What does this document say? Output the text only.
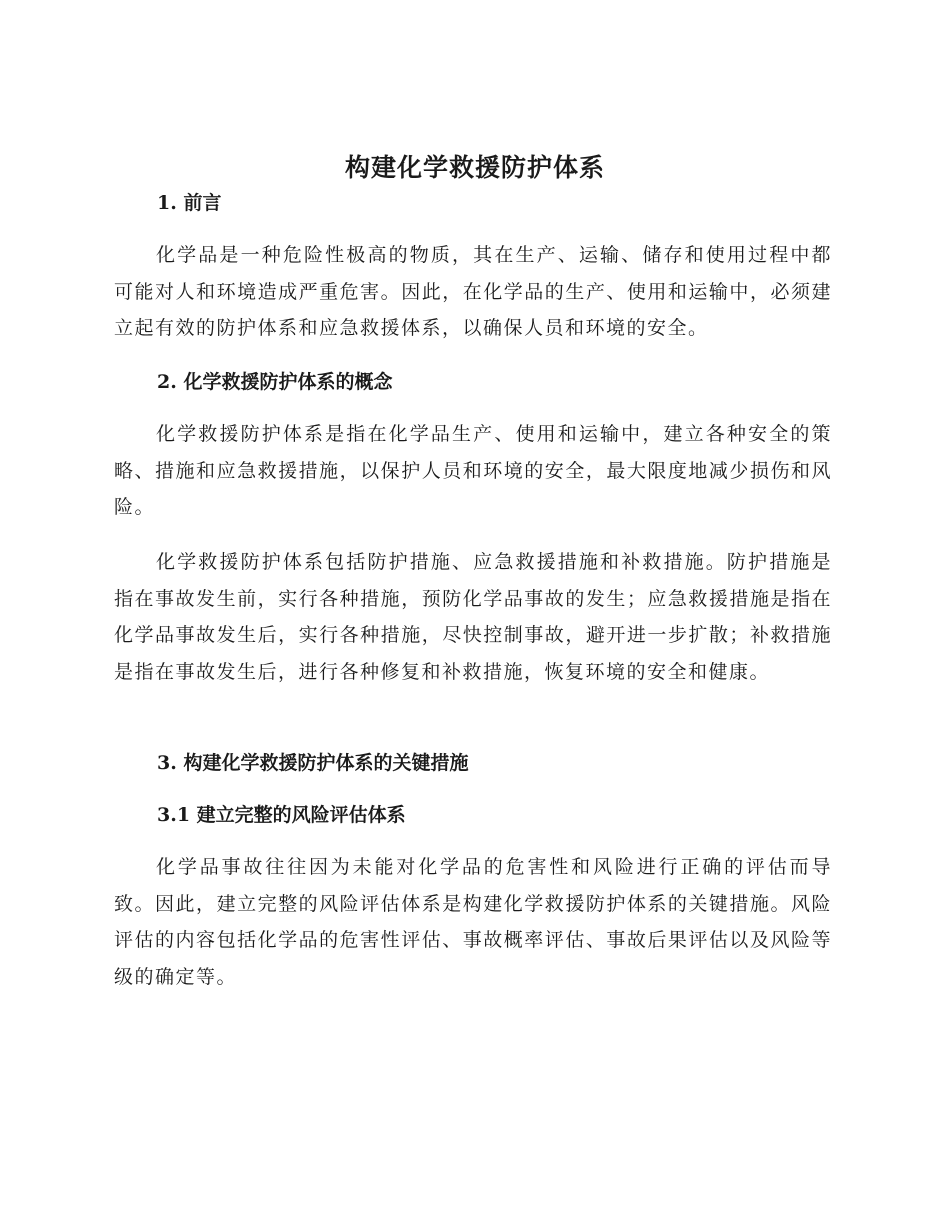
构建化学救援防护体系
1. 前言
化学品是一种危险性极高的物质，其在生产、运输、储存和使用过程中都可能对人和环境造成严重危害。因此，在化学品的生产、使用和运输中，必须建立起有效的防护体系和应急救援体系，以确保人员和环境的安全。
2. 化学救援防护体系的概念
化学救援防护体系是指在化学品生产、使用和运输中，建立各种安全的策略、措施和应急救援措施，以保护人员和环境的安全，最大限度地减少损伤和风险。
化学救援防护体系包括防护措施、应急救援措施和补救措施。防护措施是指在事故发生前，实行各种措施，预防化学品事故的发生；应急救援措施是指在化学品事故发生后，实行各种措施，尽快控制事故，避开进一步扩散；补救措施是指在事故发生后，进行各种修复和补救措施，恢复环境的安全和健康。
3. 构建化学救援防护体系的关键措施
3.1 建立完整的风险评估体系
化学品事故往往因为未能对化学品的危害性和风险进行正确的评估而导致。因此，建立完整的风险评估体系是构建化学救援防护体系的关键措施。风险评估的内容包括化学品的危害性评估、事故概率评估、事故后果评估以及风险等级的确定等。
